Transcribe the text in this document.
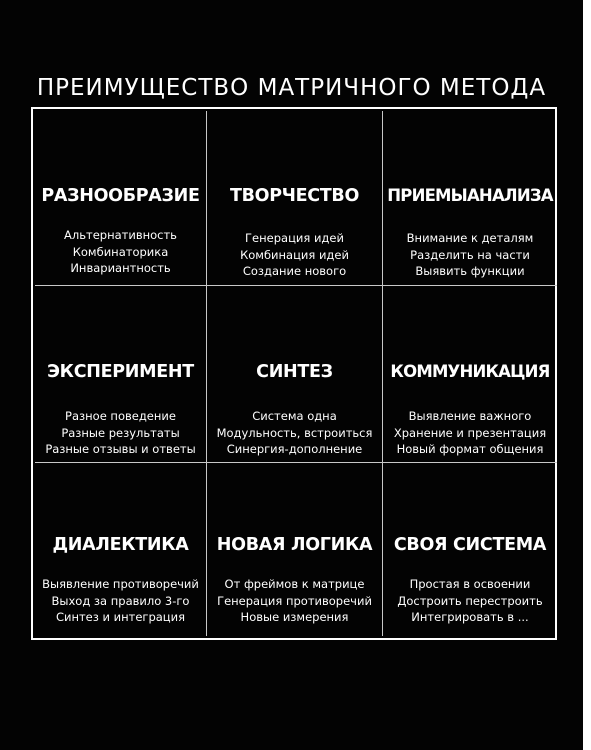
ПРЕИМУЩЕСТВО МАТРИЧНОГО МЕТОДА
РАЗНООБРАЗИЕ
Альтернативность
Комбинаторика
Инвариантность
ТВОРЧЕСТВО
Генерация идей
Комбинация идей
Создание нового
ПРИЕМЫАНАЛИЗА
Внимание к деталям
Разделить на части
Выявить функции
ЭКСПЕРИМЕНТ
Разное поведение
Разные результаты
Разные отзывы и ответы
СИНТЕЗ
Система одна
Модульность, встроиться
Синергия-дополнение
КОММУНИКАЦИЯ
Выявление важного
Хранение и презентация
Новый формат общения
ДИАЛЕКТИКА
Выявление противоречий
Выход за правило 3-го
Синтез и интеграция
НОВАЯ ЛОГИКА
От фреймов к матрице
Генерация противоречий
Новые измерения
СВОЯ СИСТЕМА
Простая в освоении
Достроить перестроить
Интегрировать в ...
